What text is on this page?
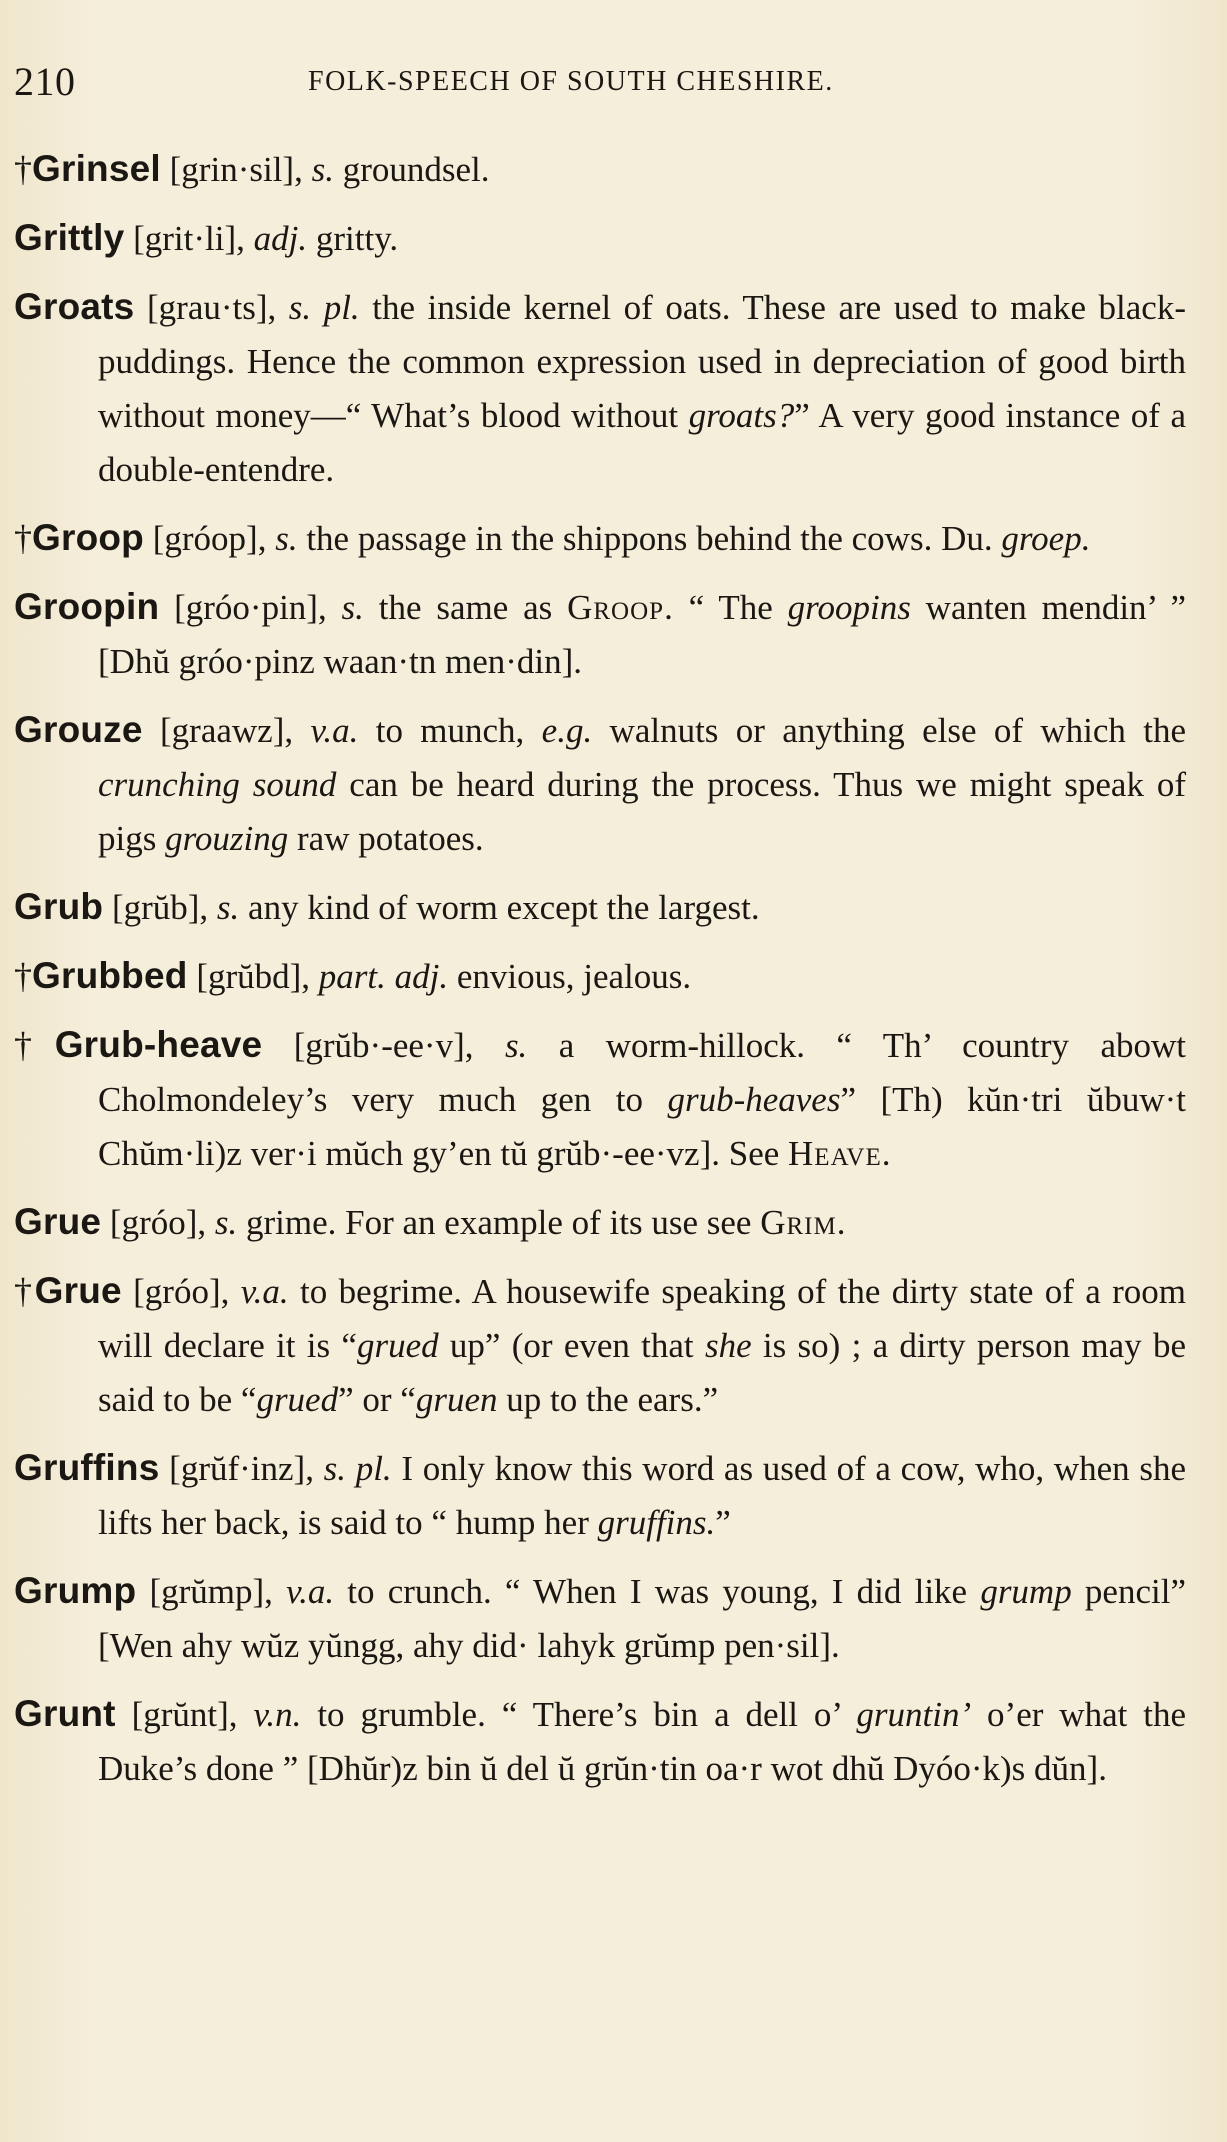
210	FOLK-SPEECH OF SOUTH CHESHIRE.
†Grinsel [grin·sil], s. groundsel.
Grittly [grit·li], adj. gritty.
Groats [grau·ts], s. pl. the inside kernel of oats. These are used to make black-puddings. Hence the common expression used in depreciation of good birth without money—“ What’s blood without groats?” A very good instance of a double-entendre.
†Groop [gróop], s. the passage in the shippons behind the cows. Du. groep.
Groopin [gróo·pin], s. the same as Groop. “ The groopins wanten mendin’ ” [Dhŭ gróo·pinz waan·tn men·din].
Grouze [graawz], v.a. to munch, e.g. walnuts or anything else of which the crunching sound can be heard during the process. Thus we might speak of pigs grouzing raw potatoes.
Grub [grŭb], s. any kind of worm except the largest.
†Grubbed [grŭbd], part. adj. envious, jealous.
†Grub-heave [grŭb·-ee·v], s. a worm-hillock. “ Th’ country abowt Cholmondeley’s very much gen to grub-heaves” [Th) kŭn·tri ŭbuw·t Chŭm·li)z ver·i mŭch gy’en tŭ grŭb·-ee·vz]. See Heave.
Grue [gróo], s. grime. For an example of its use see Grim.
†Grue [gróo], v.a. to begrime. A housewife speaking of the dirty state of a room will declare it is “grued up” (or even that she is so) ; a dirty person may be said to be “grued” or “gruen up to the ears.”
Gruffins [grŭf·inz], s. pl. I only know this word as used of a cow, who, when she lifts her back, is said to “ hump her gruffins.”
Grump [grŭmp], v.a. to crunch. “ When I was young, I did like grump pencil” [Wen ahy wŭz yŭngg, ahy did· lahyk grŭmp pen·sil].
Grunt [grŭnt], v.n. to grumble. “ There’s bin a dell o’ gruntin’ o’er what the Duke’s done ” [Dhŭr)z bin ŭ del ŭ grŭn·tin oa·r wot dhŭ Dyóo·k)s dŭn].
